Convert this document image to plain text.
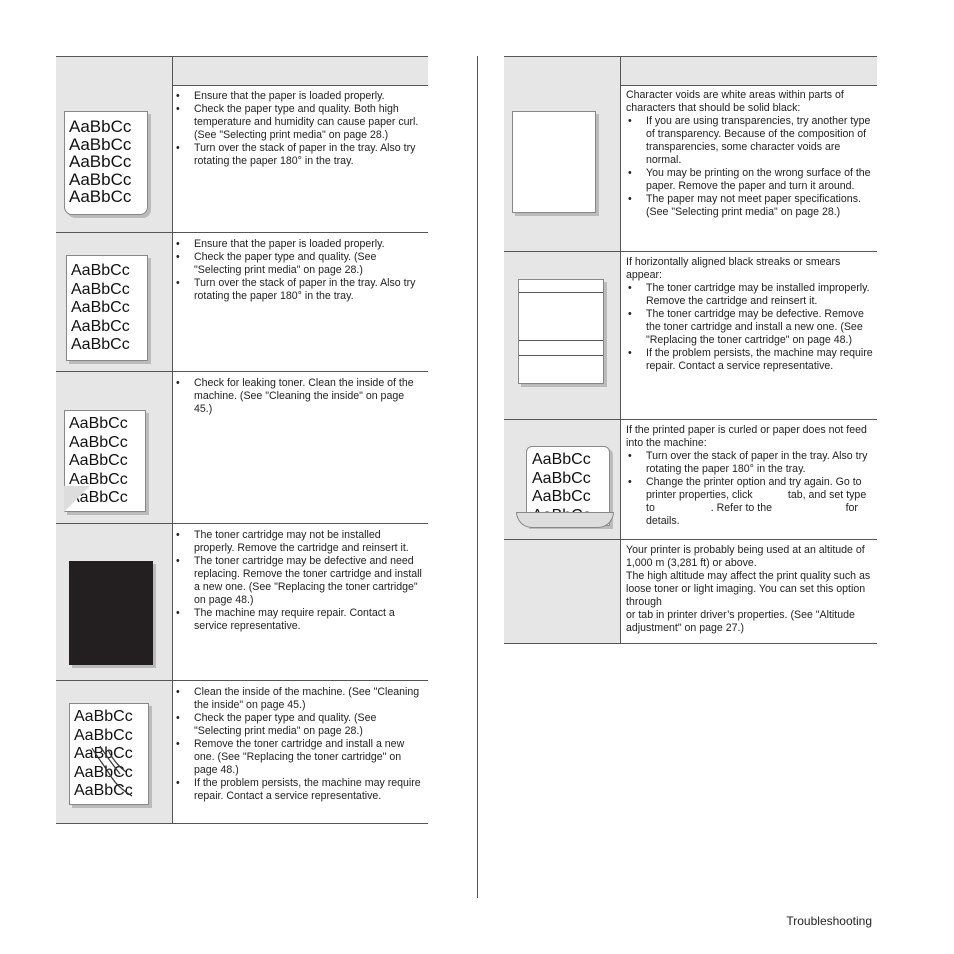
AaBbCc
AaBbCc
AaBbCc
AaBbCc
AaBbCc
• Ensure that the paper is loaded properly.
• Check the paper type and quality. Both high temperature and humidity can cause paper curl. (See "Selecting print media" on page 28.)
• Turn over the stack of paper in the tray. Also try rotating the paper 180° in the tray.
AaBbCc
AaBbCc
AaBbCc
AaBbCc
AaBbCc
• Ensure that the paper is loaded properly.
• Check the paper type and quality. (See "Selecting print media" on page 28.)
• Turn over the stack of paper in the tray. Also try rotating the paper 180° in the tray.
AaBbCc
AaBbCc
AaBbCc
AaBbCc
AaBbCc
• Check for leaking toner. Clean the inside of the machine. (See "Cleaning the inside" on page 45.)
• The toner cartridge may not be installed properly. Remove the cartridge and reinsert it.
• The toner cartridge may be defective and need replacing. Remove the toner cartridge and install a new one. (See "Replacing the toner cartridge" on page 48.)
• The machine may require repair. Contact a service representative.
AaBbCc
AaBbCc
AaBbCc
AaBbCc
AaBbCc
• Clean the inside of the machine. (See "Cleaning the inside" on page 45.)
• Check the paper type and quality. (See "Selecting print media" on page 28.)
• Remove the toner cartridge and install a new one. (See "Replacing the toner cartridge" on page 48.)
• If the problem persists, the machine may require repair. Contact a service representative.

Character voids are white areas within parts of characters that should be solid black:

• If you are using transparencies, try another type of transparency. Because of the composition of transparencies, some character voids are normal.
• You may be printing on the wrong surface of the paper. Remove the paper and turn it around.
• The paper may not meet paper specifications. (See "Selecting print media" on page 28.)

If horizontally aligned black streaks or smears appear:

• The toner cartridge may be installed improperly. Remove the cartridge and reinsert it.
• The toner cartridge may be defective. Remove the toner cartridge and install a new one. (See "Replacing the toner cartridge" on page 48.)
• If the problem persists, the machine may require repair. Contact a service representative.
AaBbCc
AaBbCc
AaBbCc

If the printed paper is curled or paper does not feed into the machine:

• Turn over the stack of paper in the tray. Also try rotating the paper 180° in the tray.
• Change the printer option and try again. Go to printer properties, click            tab, and set type to                   . Refer to the                         for details.

Your printer is probably being used at an altitude of 1,000 m (3,281 ft) or above.
The high altitude may affect the print quality such as loose toner or light imaging. You can set this option through
or tab in printer driver’s properties. (See "Altitude adjustment" on page 27.)

Troubleshooting
